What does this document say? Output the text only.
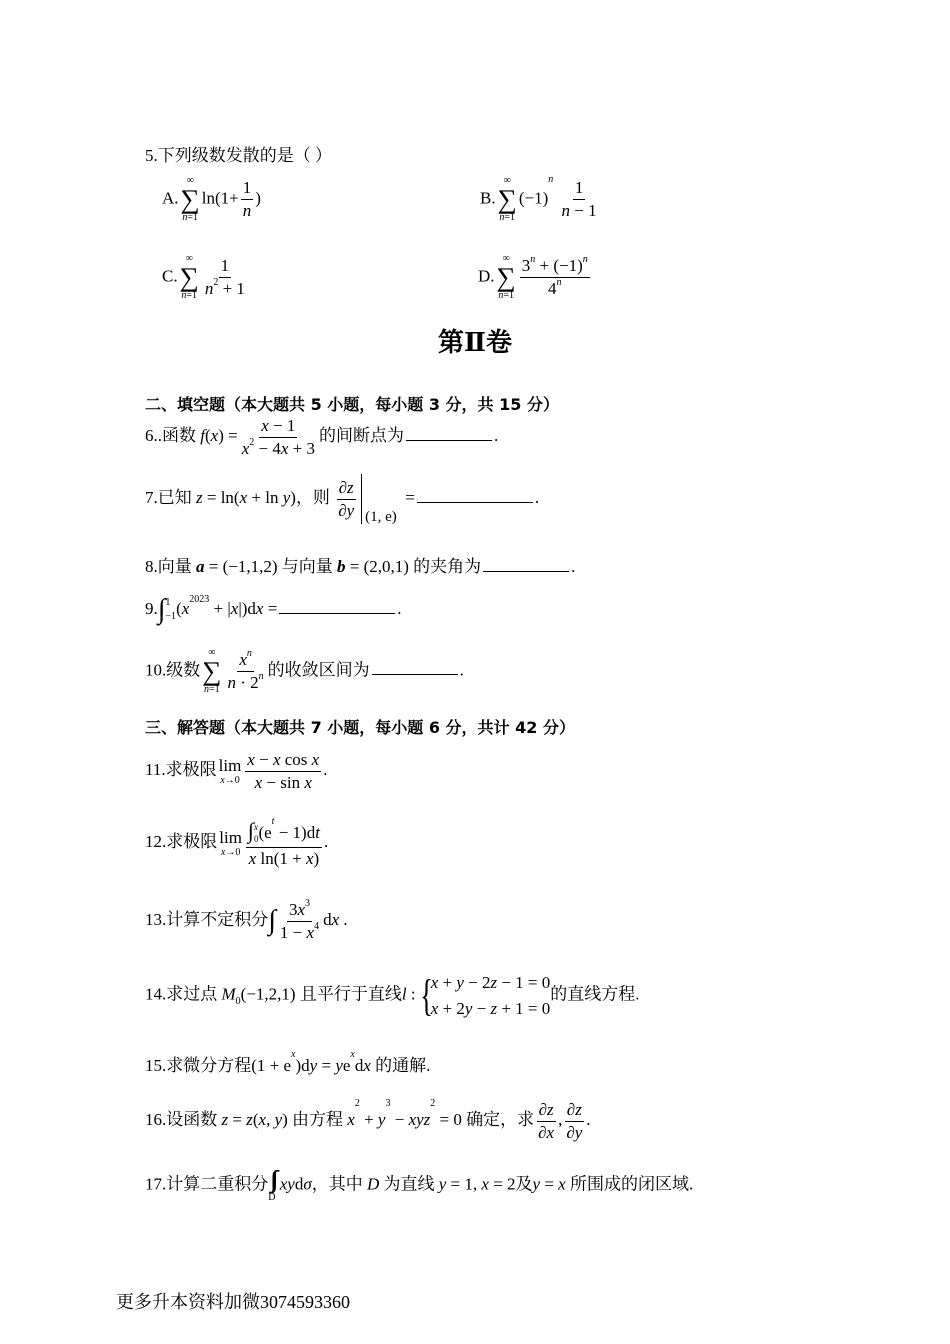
5.下列级数发散的是（ ）
A.
∞
∑
n=1
$\ln(1+ \frac{1}{n}$ )	B.
∞
∑
n=1
$(-1)^n \frac{1}{n - 1}$
C.
∞
∑
$n=1 \frac{1}{n^2 + 1}$	D.
∞
∑
$n=1 \frac{3^n + (-1)^n}{4^n}$
第Ⅱ卷
二、填空题（本大题共 5 小题，每小题 3 分，共 15 分）
6..函数 $f(x) = \frac{x - 1}{x^2 - 4x + 3}$ 的间断点为	.
7.已知 z = ln(x + ln y)，则 $\frac{\partial z}{\partial y} (1$, e)  =	.
8.向量 a = (−1,1,2) 与向量 b = (2,0,1) 的夹角为	.
9.∫ 1
−1 $(x^{2023} + |x|)dx$ =	.
10.级数
∞
∑
$n=1 \frac{x^n}{n \cdot 2^n}$ 的收敛区间为	.
三、解答题（本大题共 7 小题，每小题 6 分，共计 42 分）
11.求极限 lim
$x\to 0 \frac{\text{x − x cos x}}{\text{x − sin x}}$ .
12.求极限 lim
x→0 ∫ x
0 $(e^t - 1)dt$
x ln(1 + x) .
13.计算不定积分∫ $\frac{3x^3}{1 - x^4}$ dx .
14.求过点 $M_0(-1,2,1)$ 且平行于直线l :{
x + y − 2z − 1 = 0
x + 2y − z + 1 = 0
的直线方程.
15.求微分方程$(1 + e^x)dy = ye^xdx$ 的通解.
16.设函数 z = z(x, y) 由方程 $x^2 + y^3 - xyz^2 = 0$ 确定，求 $\frac{\partial z}{\partial x}$ , $\frac{\partial z}{\partial y}$ .
17.计算二重积分
D
xydσ，其中 D 为直线 y = 1, x = 2及y = x 所围成的闭区域.
更多升本资料加微3074593360
